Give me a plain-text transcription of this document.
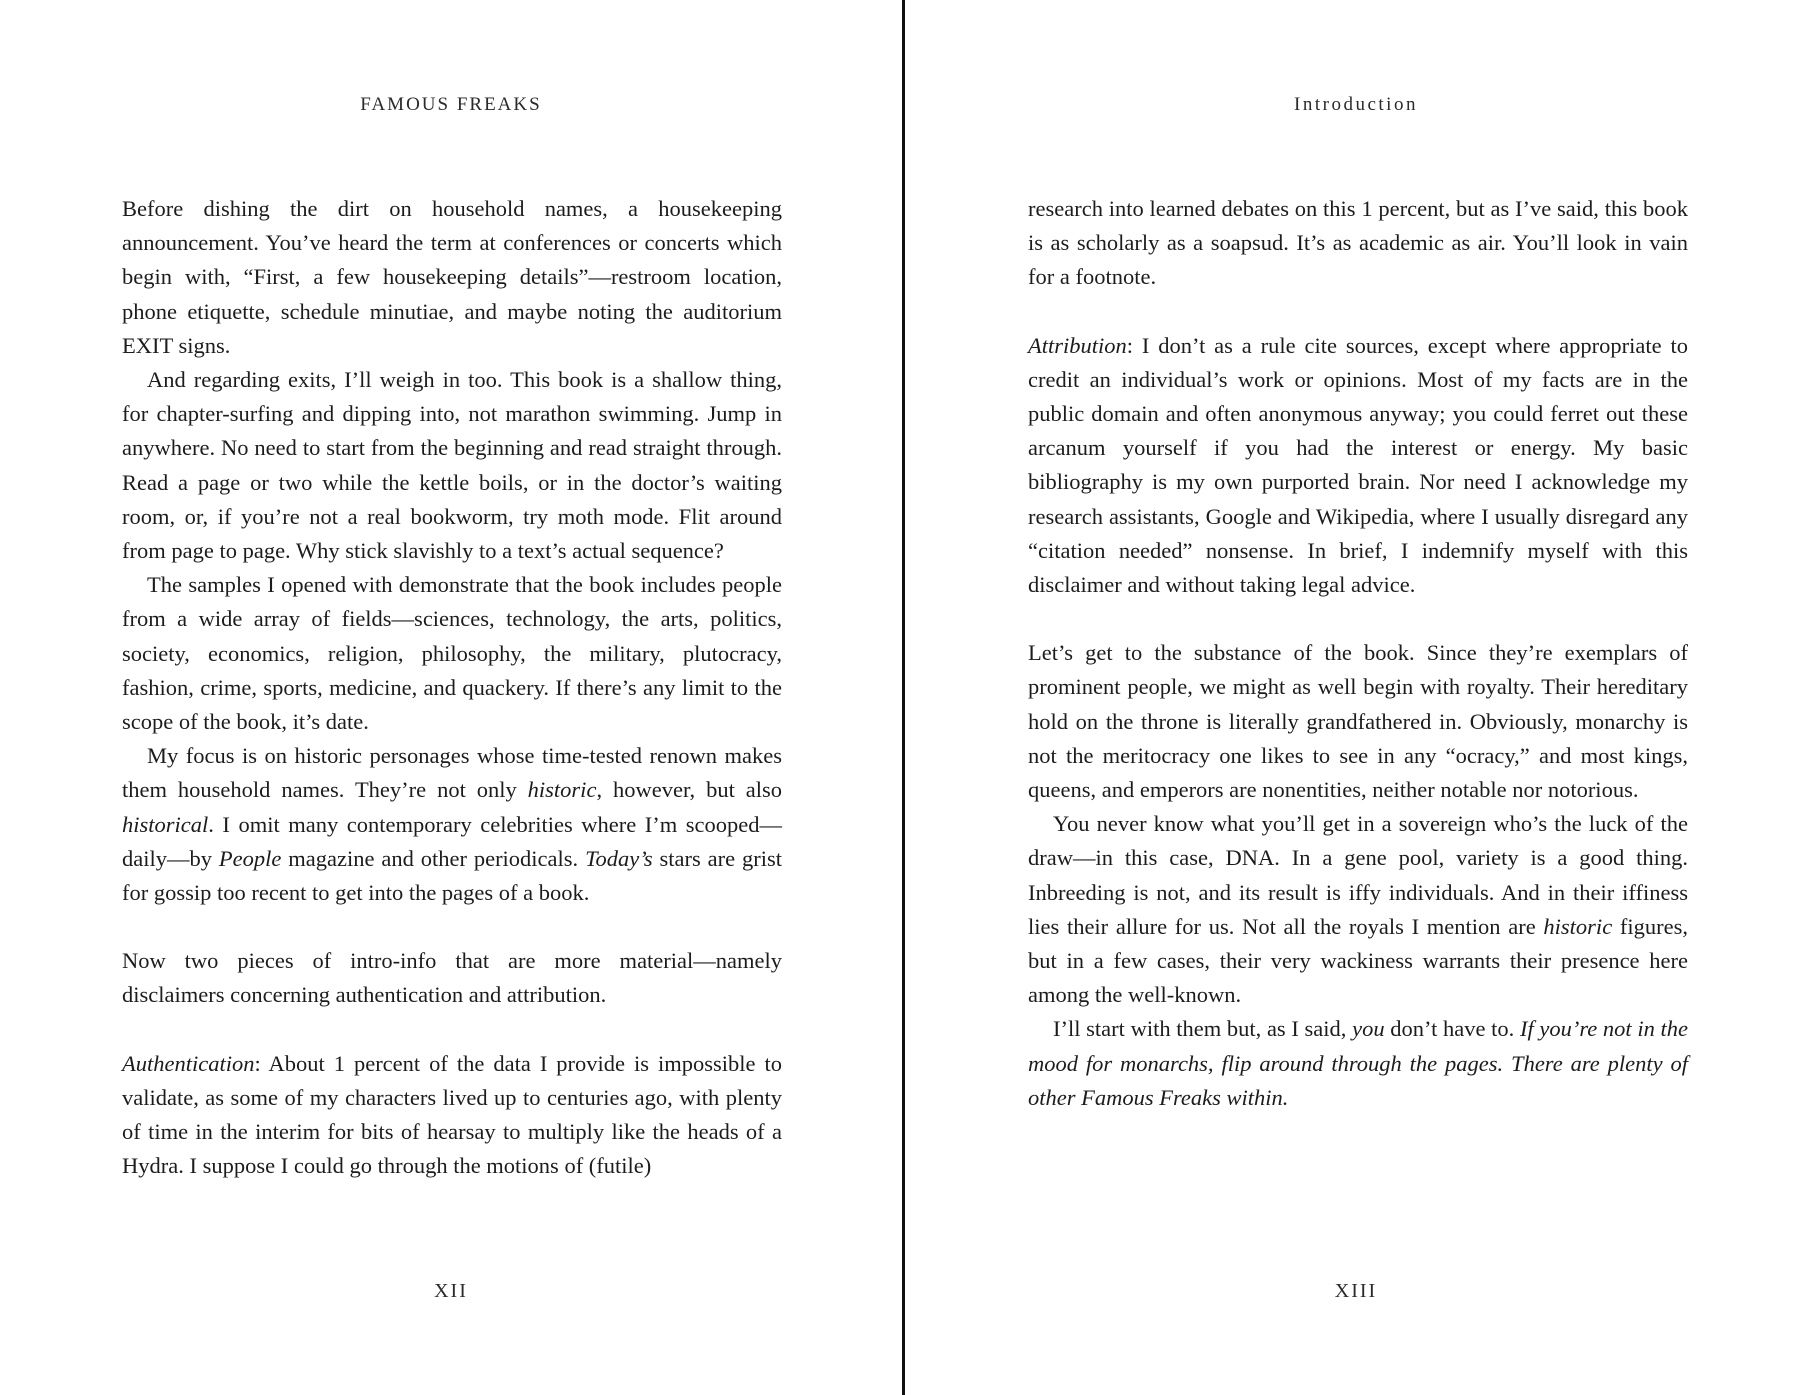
FAMOUS FREAKS

Before dishing the dirt on household names, a housekeeping announcement. You’ve heard the term at conferences or concerts which begin with, “First, a few housekeeping details”—restroom location, phone etiquette, schedule minutiae, and maybe noting the auditorium EXIT signs.

And regarding exits, I’ll weigh in too. This book is a shallow thing, for chapter-surfing and dipping into, not marathon swimming. Jump in anywhere. No need to start from the beginning and read straight through. Read a page or two while the kettle boils, or in the doctor’s waiting room, or, if you’re not a real bookworm, try moth mode. Flit around from page to page. Why stick slavishly to a text’s actual sequence?

The samples I opened with demonstrate that the book includes people from a wide array of fields—sciences, technology, the arts, politics, society, economics, religion, philosophy, the military, plutocracy, fashion, crime, sports, medicine, and quackery. If there’s any limit to the scope of the book, it’s date.

My focus is on historic personages whose time-tested renown makes them household names. They’re not only historic, however, but also historical. I omit many contemporary celebrities where I’m scooped—daily—by People magazine and other periodicals. Today’s stars are grist for gossip too recent to get into the pages of a book.

Now two pieces of intro-info that are more material—namely disclaimers concerning authentication and attribution.

Authentication: About 1 percent of the data I provide is impossible to validate, as some of my characters lived up to centuries ago, with plenty of time in the interim for bits of hearsay to multiply like the heads of a Hydra. I suppose I could go through the motions of (futile)

XII
Introduction

research into learned debates on this 1 percent, but as I’ve said, this book is as scholarly as a soapsud. It’s as academic as air. You’ll look in vain for a footnote.

Attribution: I don’t as a rule cite sources, except where appropriate to credit an individual’s work or opinions. Most of my facts are in the public domain and often anonymous anyway; you could ferret out these arcanum yourself if you had the interest or energy. My basic bibliography is my own purported brain. Nor need I acknowledge my research assistants, Google and Wikipedia, where I usually disregard any “citation needed” nonsense. In brief, I indemnify myself with this disclaimer and without taking legal advice.

Let’s get to the substance of the book. Since they’re exemplars of prominent people, we might as well begin with royalty. Their hereditary hold on the throne is literally grandfathered in. Obviously, monarchy is not the meritocracy one likes to see in any “ocracy,” and most kings, queens, and emperors are nonentities, neither notable nor notorious.

You never know what you’ll get in a sovereign who’s the luck of the draw—in this case, DNA. In a gene pool, variety is a good thing. Inbreeding is not, and its result is iffy individuals. And in their iffiness lies their allure for us. Not all the royals I mention are historic figures, but in a few cases, their very wackiness warrants their presence here among the well-known.

I’ll start with them but, as I said, you don’t have to. If you’re not in the mood for monarchs, flip around through the pages. There are plenty of other Famous Freaks within.

XIII
